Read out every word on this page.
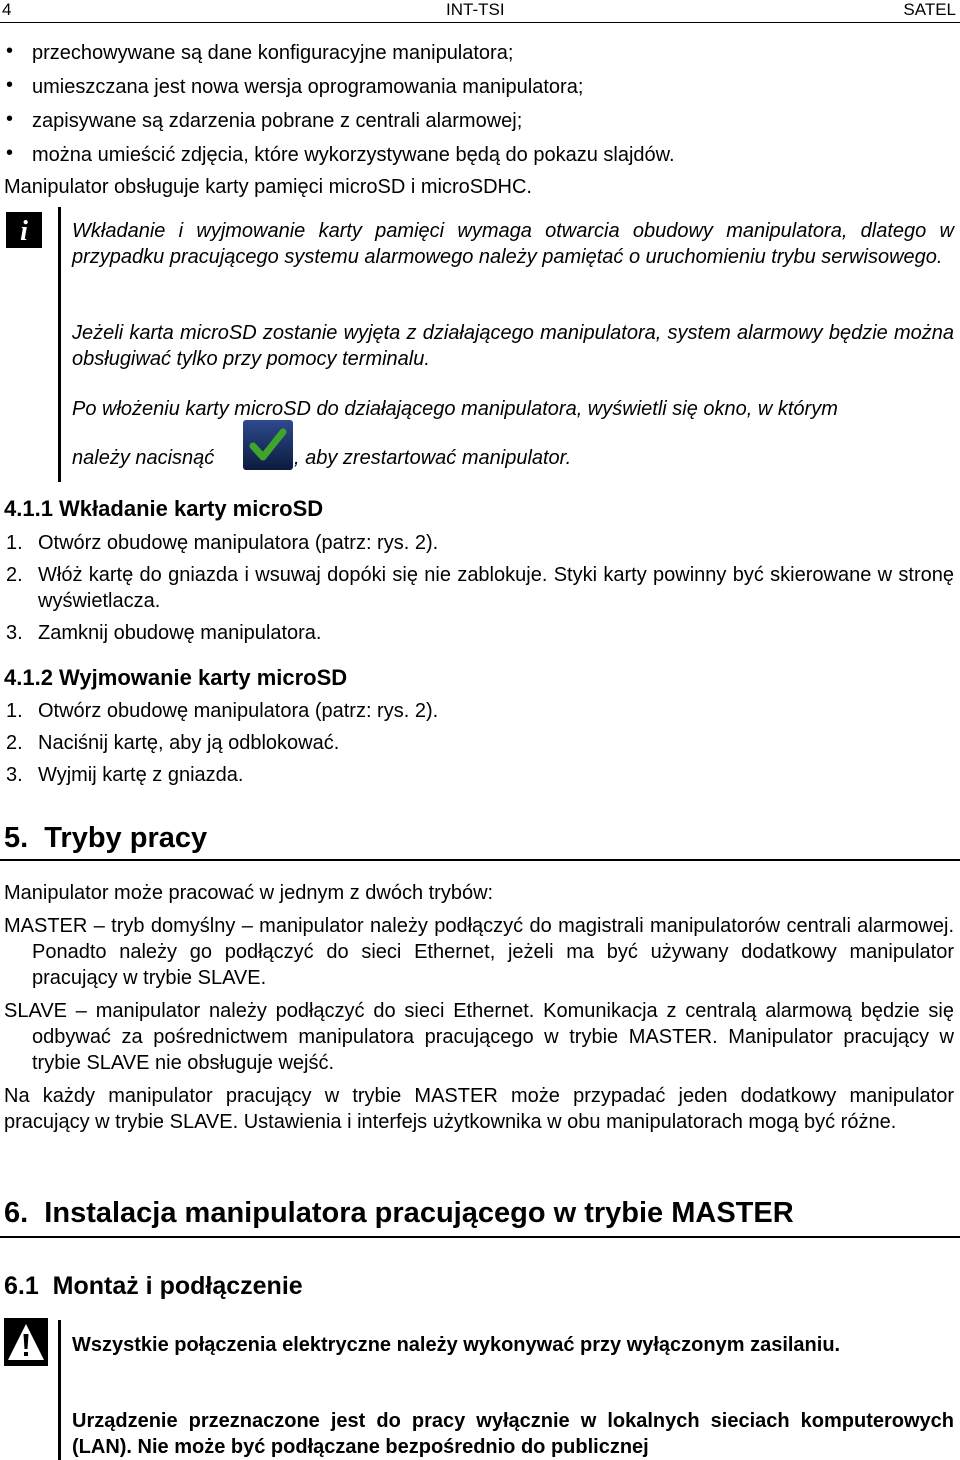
4	INT-TSI	SATEL
• przechowywane są dane konfiguracyjne manipulatora;
• umieszczana jest nowa wersja oprogramowania manipulatora;
• zapisywane są zdarzenia pobrane z centrali alarmowej;
• można umieścić zdjęcia, które wykorzystywane będą do pokazu slajdów.
Manipulator obsługuje karty pamięci microSD i microSDHC.
i Wkładanie i wyjmowanie karty pamięci wymaga otwarcia obudowy manipulatora, dlatego w przypadku pracującego systemu alarmowego należy pamiętać o uruchomieniu trybu serwisowego.
Jeżeli karta microSD zostanie wyjęta z działającego manipulatora, system alarmowy będzie można obsługiwać tylko przy pomocy terminalu.
Po włożeniu karty microSD do działającego manipulatora, wyświetli się okno, w którym
należy nacisnąć	, aby zrestartować manipulator.
4.1.1 Wkładanie karty microSD
1. Otwórz obudowę manipulatora (patrz: rys. 2).
2. Włóż kartę do gniazda i wsuwaj dopóki się nie zablokuje. Styki karty powinny być skierowane w stronę wyświetlacza.
3. Zamknij obudowę manipulatora.
4.1.2 Wyjmowanie karty microSD
1. Otwórz obudowę manipulatora (patrz: rys. 2).
2. Naciśnij kartę, aby ją odblokować.
3. Wyjmij kartę z gniazda.
5.  Tryby pracy
Manipulator może pracować w jednym z dwóch trybów:
MASTER – tryb domyślny – manipulator należy podłączyć do magistrali manipulatorów centrali alarmowej. Ponadto należy go podłączyć do sieci Ethernet, jeżeli ma być używany dodatkowy manipulator pracujący w trybie SLAVE.
SLAVE – manipulator należy podłączyć do sieci Ethernet. Komunikacja z centralą alarmową będzie się odbywać za pośrednictwem manipulatora pracującego w trybie MASTER. Manipulator pracujący w trybie SLAVE nie obsługuje wejść.
Na każdy manipulator pracujący w trybie MASTER może przypadać jeden dodatkowy manipulator pracujący w trybie SLAVE. Ustawienia i interfejs użytkownika w obu manipulatorach mogą być różne.
6.  Instalacja manipulatora pracującego w trybie MASTER
6.1  Montaż i podłączenie
Wszystkie połączenia elektryczne należy wykonywać przy wyłączonym zasilaniu.
Urządzenie przeznaczone jest do pracy wyłącznie w lokalnych sieciach komputerowych (LAN). Nie może być podłączane bezpośrednio do publicznej
